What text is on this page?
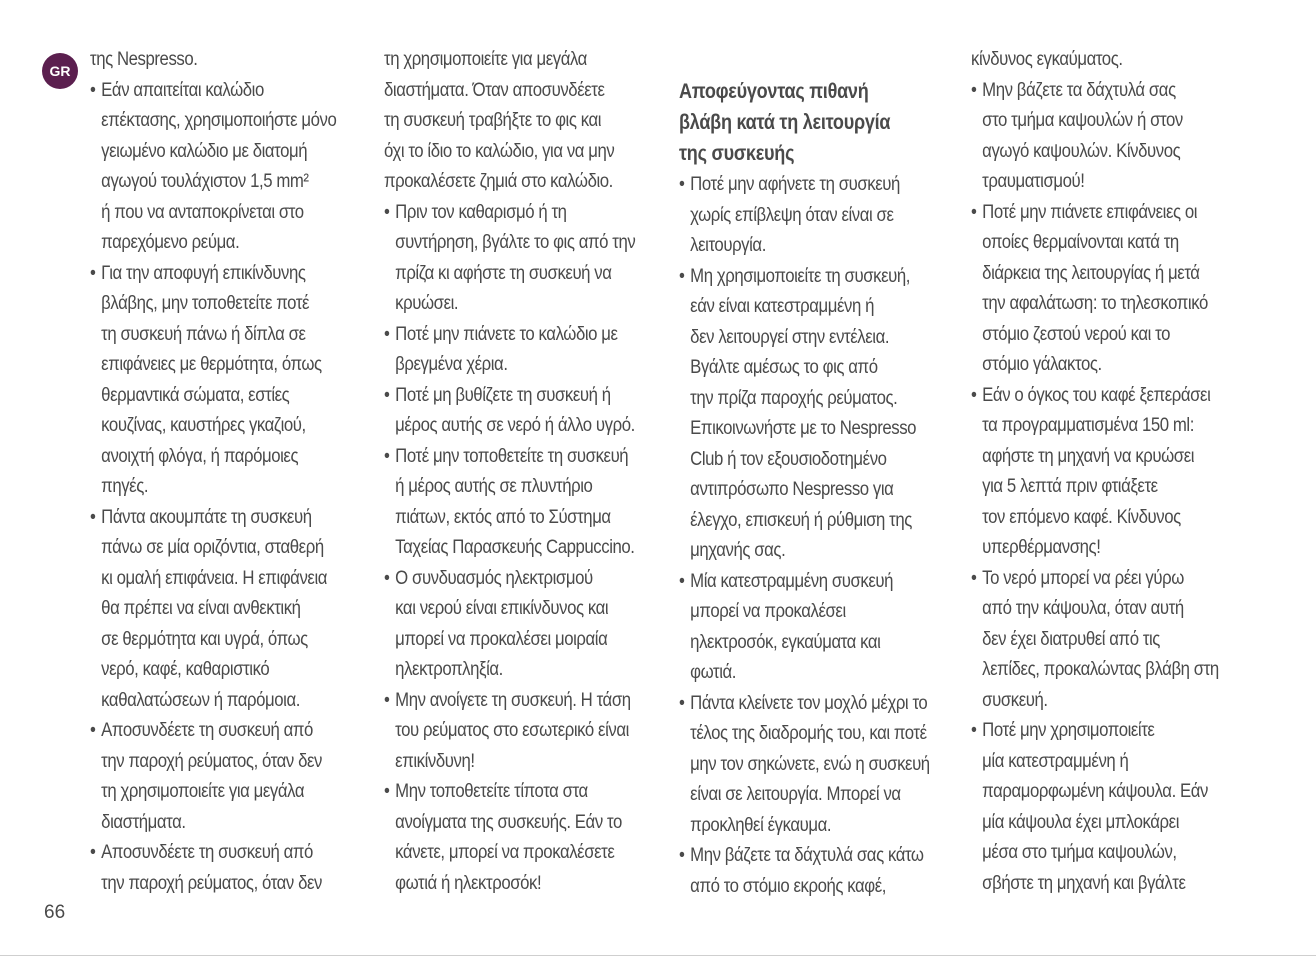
GR

της Nespresso.

• Εάν απαιτείται καλώδιο
επέκτασης, χρησιμοποιήστε μόνο
γειωμένο καλώδιο με διατομή
αγωγού τουλάχιστον 1,5 mm²
ή που να ανταποκρίνεται στο
παρεχόμενο ρεύμα.
• Για την αποφυγή επικίνδυνης
βλάβης, μην τοποθετείτε ποτέ
τη συσκευή πάνω ή δίπλα σε
επιφάνειες με θερμότητα, όπως
θερμαντικά σώματα, εστίες
κουζίνας, καυστήρες γκαζιού,
ανοιχτή φλόγα, ή παρόμοιες
πηγές.
• Πάντα ακουμπάτε τη συσκευή
πάνω σε μία οριζόντια, σταθερή
κι ομαλή επιφάνεια. Η επιφάνεια
θα πρέπει να είναι ανθεκτική
σε θερμότητα και υγρά, όπως
νερό, καφέ, καθαριστικό
καθαλατώσεων ή παρόμοια.
• Αποσυνδέετε τη συσκευή από
την παροχή ρεύματος, όταν δεν
τη χρησιμοποιείτε για μεγάλα
διαστήματα.
• Αποσυνδέετε τη συσκευή από
την παροχή ρεύματος, όταν δεν

τη χρησιμοποιείτε για μεγάλα
διαστήματα. Όταν αποσυνδέετε
τη συσκευή τραβήξτε το φις και
όχι το ίδιο το καλώδιο, για να μην
προκαλέσετε ζημιά στο καλώδιο.

• Πριν τον καθαρισμό ή τη
συντήρηση, βγάλτε το φις από την
πρίζα κι αφήστε τη συσκευή να
κρυώσει.
• Ποτέ μην πιάνετε το καλώδιο με
βρεγμένα χέρια.
• Ποτέ μη βυθίζετε τη συσκευή ή
μέρος αυτής σε νερό ή άλλο υγρό.
• Ποτέ μην τοποθετείτε τη συσκευή
ή μέρος αυτής σε πλυντήριο
πιάτων, εκτός από το Σύστημα
Ταχείας Παρασκευής Cappuccino.
• Ο συνδυασμός ηλεκτρισμού
και νερού είναι επικίνδυνος και
μπορεί να προκαλέσει μοιραία
ηλεκτροπληξία.
• Μην ανοίγετε τη συσκευή. Η τάση
του ρεύματος στο εσωτερικό είναι
επικίνδυνη!
• Μην τοποθετείτε τίποτα στα
ανοίγματα της συσκευής. Εάν το
κάνετε, μπορεί να προκαλέσετε
φωτιά ή ηλεκτροσόκ!
Αποφεύγοντας πιθανή
βλάβη κατά τη λειτουργία
της συσκευής
• Ποτέ μην αφήνετε τη συσκευή
χωρίς επίβλεψη όταν είναι σε
λειτουργία.
• Μη χρησιμοποιείτε τη συσκευή,
εάν είναι κατεστραμμένη ή
δεν λειτουργεί στην εντέλεια.
Βγάλτε αμέσως το φις από
την πρίζα παροχής ρεύματος.
Επικοινωνήστε με το Nespresso
Club ή τον εξουσιοδοτημένο
αντιπρόσωπο Nespresso για
έλεγχο, επισκευή ή ρύθμιση της
μηχανής σας.
• Μία κατεστραμμένη συσκευή
μπορεί να προκαλέσει
ηλεκτροσόκ, εγκαύματα και
φωτιά.
• Πάντα κλείνετε τον μοχλό μέχρι το
τέλος της διαδρομής του, και ποτέ
μην τον σηκώνετε, ενώ η συσκευή
είναι σε λειτουργία. Μπορεί να
προκληθεί έγκαυμα.
• Μην βάζετε τα δάχτυλά σας κάτω
από το στόμιο εκροής καφέ,

κίνδυνος εγκαύματος.

• Μην βάζετε τα δάχτυλά σας
στο τμήμα καψουλών ή στον
αγωγό καψουλών. Κίνδυνος
τραυματισμού!
• Ποτέ μην πιάνετε επιφάνειες οι
οποίες θερμαίνονται κατά τη
διάρκεια της λειτουργίας ή μετά
την αφαλάτωση: το τηλεσκοπικό
στόμιο ζεστού νερού και το
στόμιο γάλακτος.
• Εάν ο όγκος του καφέ ξεπεράσει
τα προγραμματισμένα 150 ml:
αφήστε τη μηχανή να κρυώσει
για 5 λεπτά πριν φτιάξετε
τον επόμενο καφέ. Κίνδυνος
υπερθέρμανσης!
• Το νερό μπορεί να ρέει γύρω
από την κάψουλα, όταν αυτή
δεν έχει διατρυθεί από τις
λεπίδες, προκαλώντας βλάβη στη
συσκευή.
• Ποτέ μην χρησιμοποιείτε
μία κατεστραμμένη ή
παραμορφωμένη κάψουλα. Εάν
μία κάψουλα έχει μπλοκάρει
μέσα στο τμήμα καψουλών,
σβήστε τη μηχανή και βγάλτε
66
